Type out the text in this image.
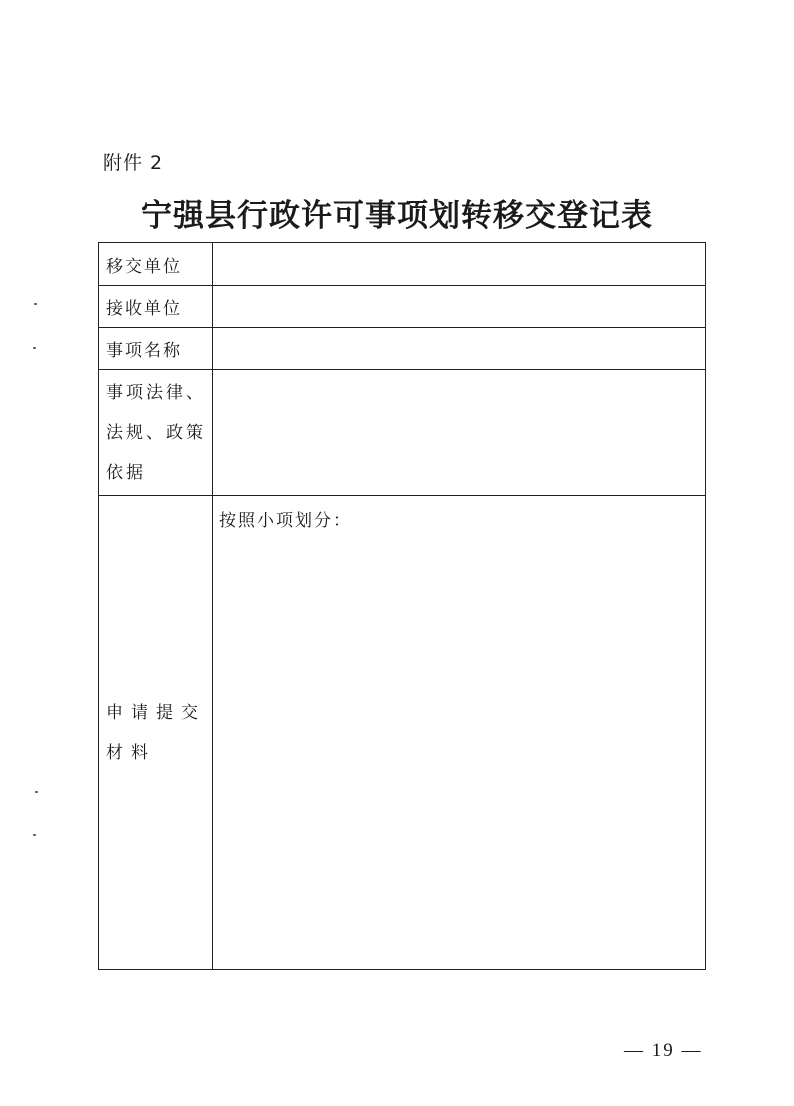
附件 2
宁强县行政许可事项划转移交登记表
移交单位	
接收单位	
事项名称	
事项法律、法规、政策依据	
申请提交材料	按照小项划分：
— 19 —
